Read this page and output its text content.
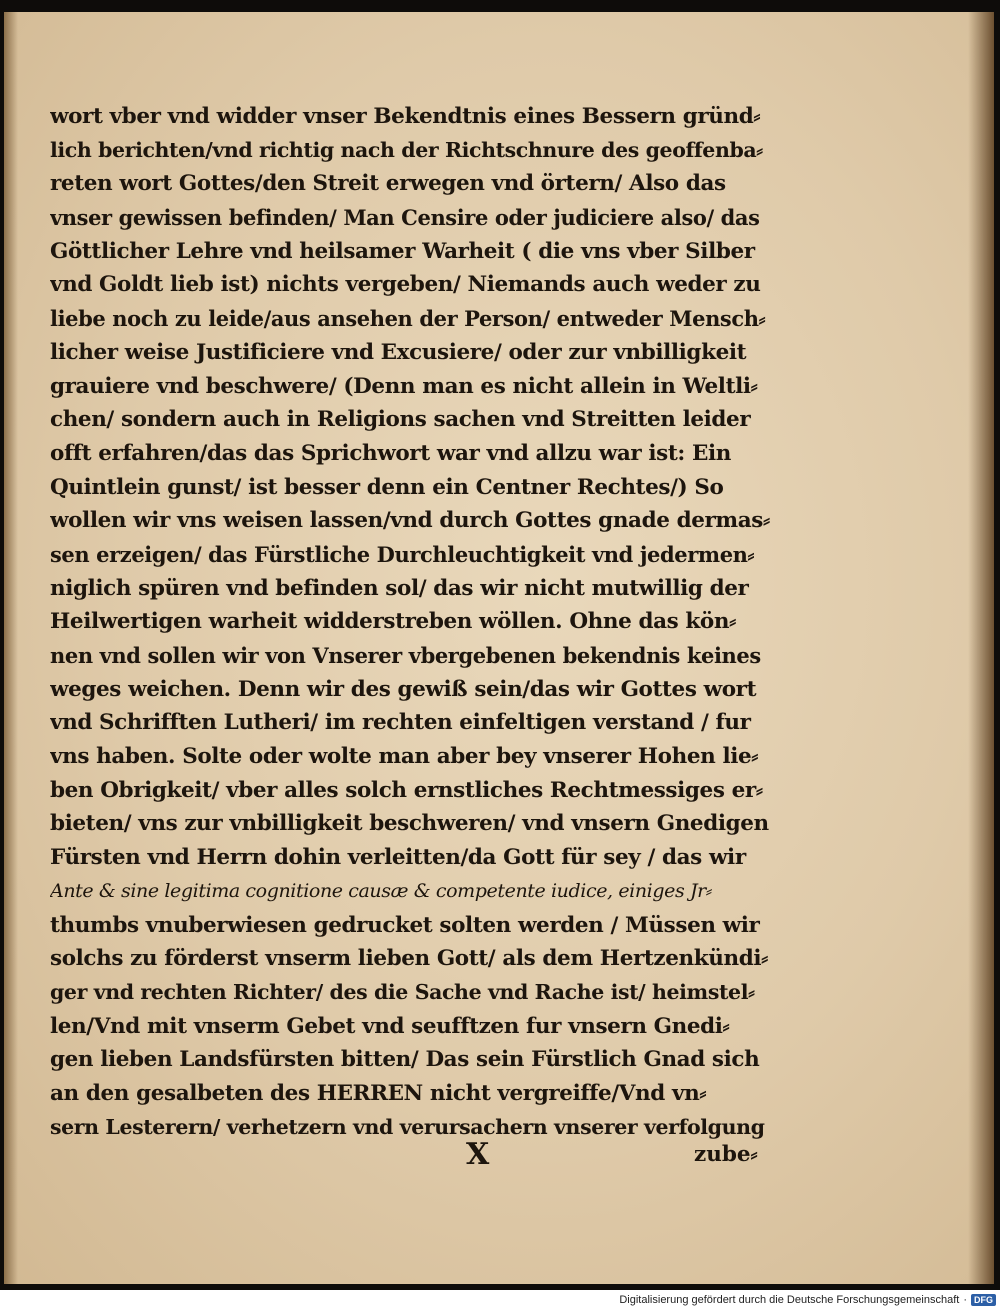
wort vber vnd widder vnser Bekendtnis eines Bessern gründ⸗
lich berichten/vnd richtig nach der Richtschnure des geoffenba⸗
reten wort Gottes/den Streit erwegen vnd örtern/ Also das
vnser gewissen befinden/ Man Censire oder judiciere also/ das
Göttlicher Lehre vnd heilsamer Warheit ( die vns vber Silber
vnd Goldt lieb ist) nichts vergeben/ Niemands auch weder zu
liebe noch zu leide/aus ansehen der Person/ entweder Mensch⸗
licher weise Justificiere vnd Excusiere/ oder zur vnbilligkeit
grauiere vnd beschwere/ (Denn man es nicht allein in Weltli⸗
chen/ sondern auch in Religions sachen vnd Streitten leider
offt erfahren/das das Sprichwort war vnd allzu war ist: Ein
Quintlein gunst/ ist besser denn ein Centner Rechtes/) So
wollen wir vns weisen lassen/vnd durch Gottes gnade dermas⸗
sen erzeigen/ das Fürstliche Durchleuchtigkeit vnd jedermen⸗
niglich spüren vnd befinden sol/ das wir nicht mutwillig der
Heilwertigen warheit widderstreben wöllen. Ohne das kön⸗
nen vnd sollen wir von Vnserer vbergebenen bekendnis keines
weges weichen. Denn wir des gewiß sein/das wir Gottes wort
vnd Schrifften Lutheri/ im rechten einfeltigen verstand / fur
vns haben. Solte oder wolte man aber bey vnserer Hohen lie⸗
ben Obrigkeit/ vber alles solch ernstliches Rechtmessiges er⸗
bieten/ vns zur vnbilligkeit beschweren/ vnd vnsern Gnedigen
Fürsten vnd Herrn dohin verleitten/da Gott für sey / das wir
Ante & sine legitima cognitione causæ & competente iudice, einiges Jr⸗
thumbs vnuberwiesen gedrucket solten werden / Müssen wir
solchs zu förderst vnserm lieben Gott/ als dem Hertzenkündi⸗
ger vnd rechten Richter/ des die Sache vnd Rache ist/ heimstel⸗
len/Vnd mit vnserm Gebet vnd seufftzen fur vnsern Gnedi⸗
gen lieben Landsfürsten bitten/ Das sein Fürstlich Gnad sich
an den gesalbeten des HERREN nicht vergreiffe/Vnd vn⸗
sern Lesterern/ verhetzern vnd verursachern vnserer verfolgung
X	zube⸗
Digitalisierung gefördert durch die Deutsche Forschungsgemeinschaft · DFG
